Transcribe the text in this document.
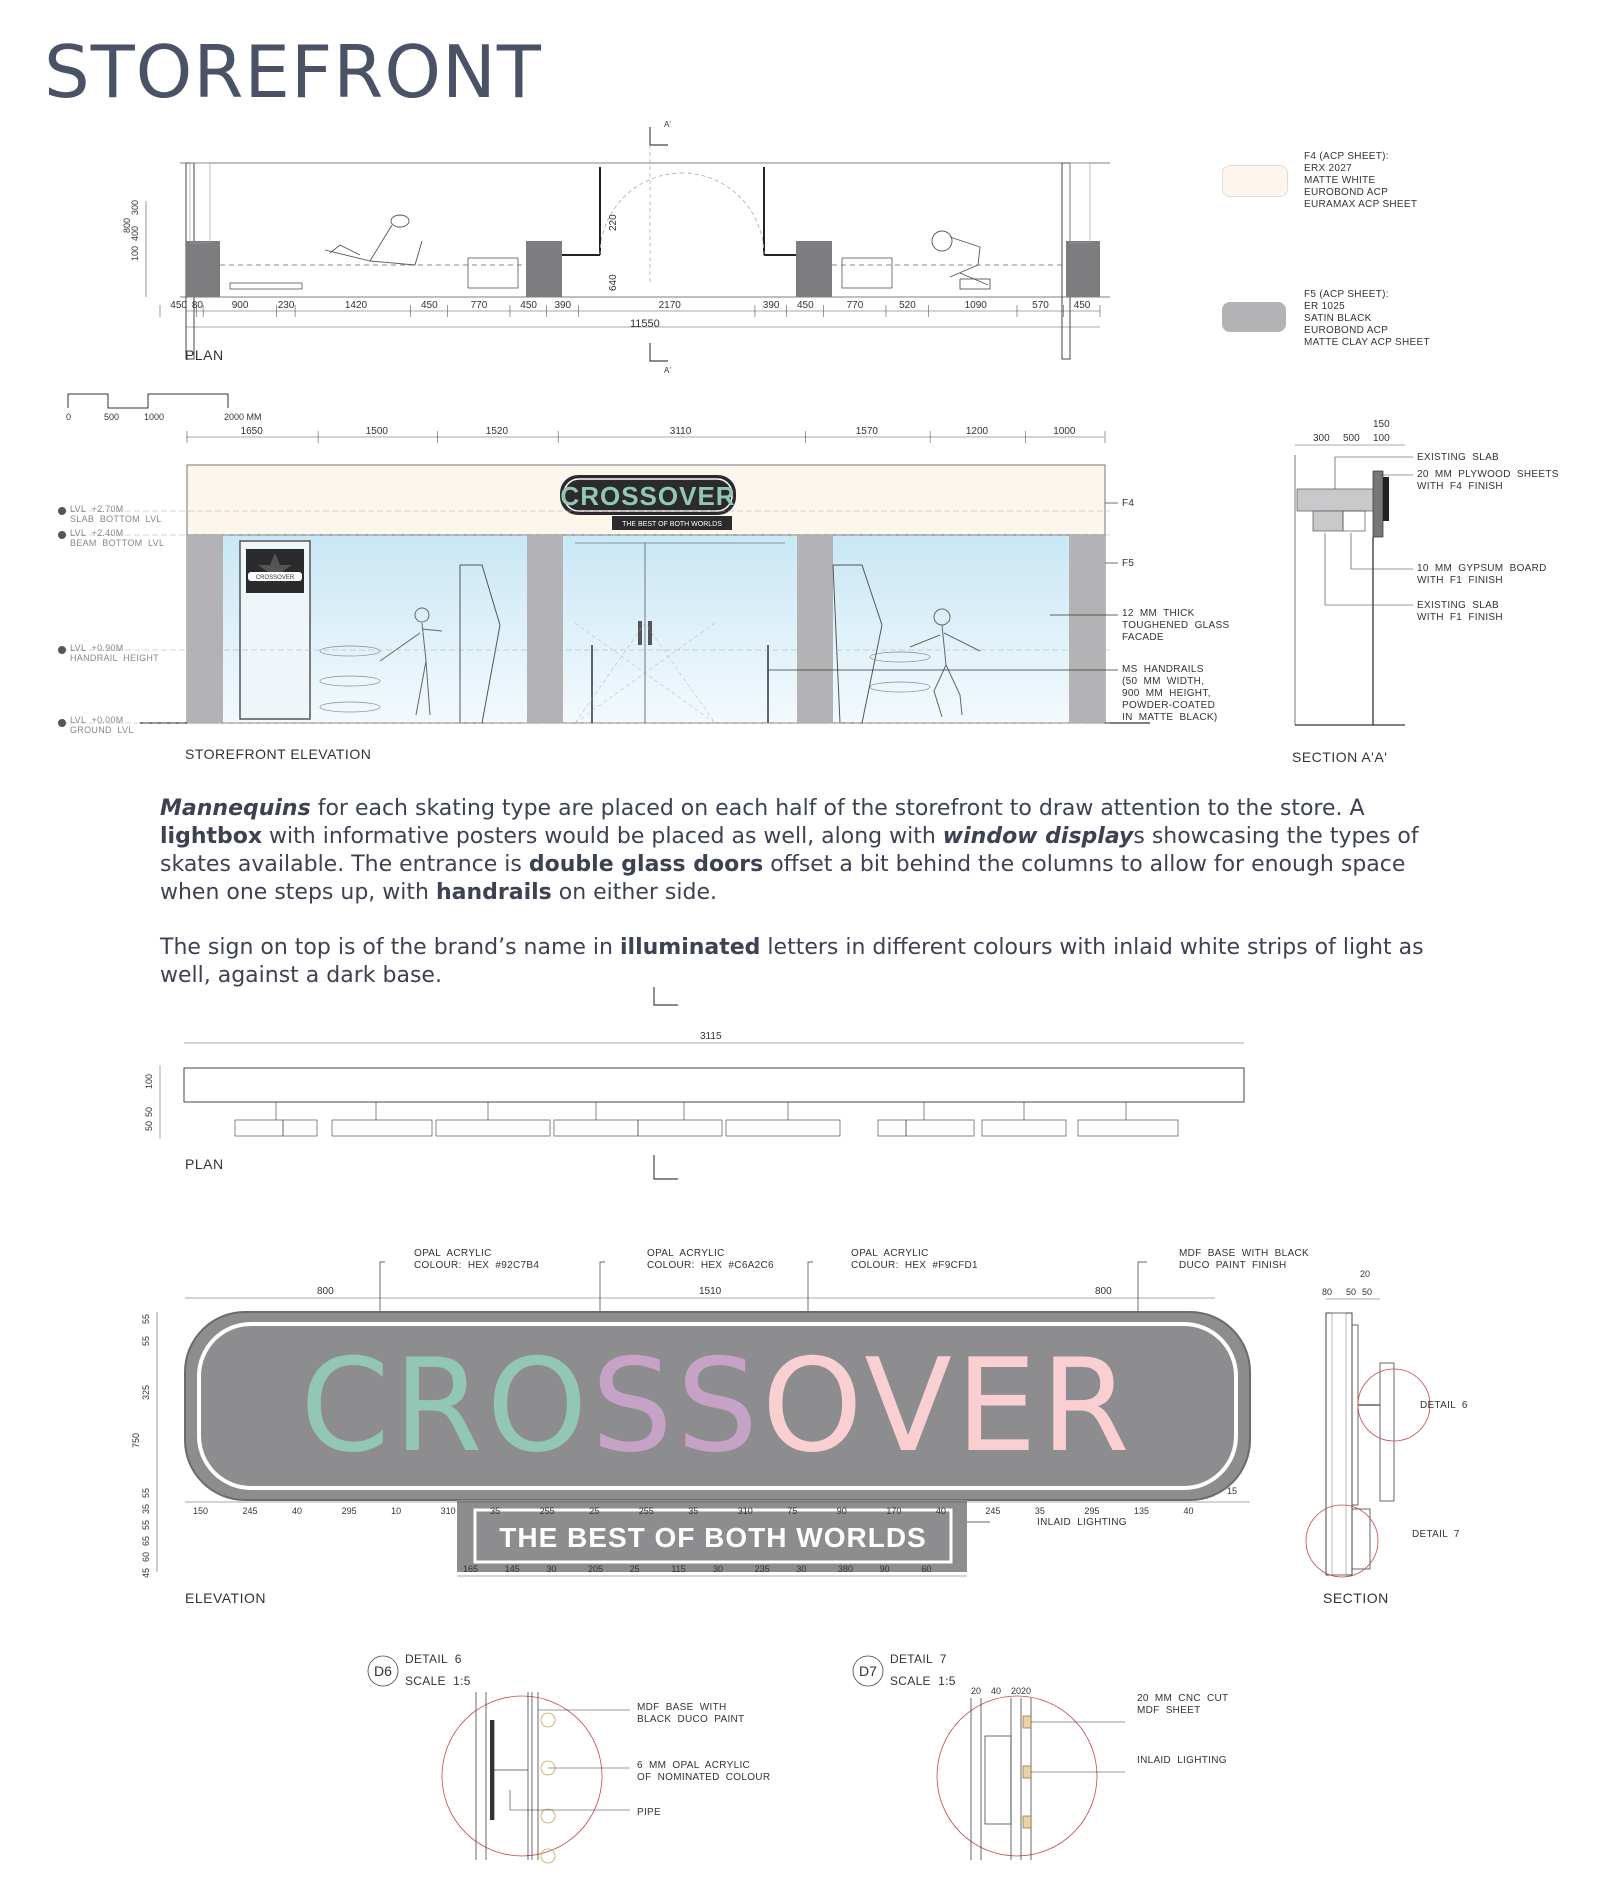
STOREFRONT
F4 (ACP SHEET):
ERX 2027
MATTE WHITE
EUROBOND ACP
EURAMAX ACP SHEET
F5 (ACP SHEET):
ER 1025
SATIN BLACK
EUROBOND ACP
MATTE CLAY ACP SHEET
A'
300
400
100
800	220
640
450 80	900	230	1420	450	770	450 390	2170	390 450	770	520	1090	570 450
11550
A'
PLAN
0	500	1000	2000 MM
1650	1500	1520	3110	1570	1200	1000
CROSSOVER
CROSSOVER
THE BEST OF BOTH WORLDS
LVL  +2.70M
SLAB  BOTTOM  LVL
LVL  +2.40M
BEAM  BOTTOM  LVL
LVL  +0.90M
HANDRAIL  HEIGHT
LVL  +0.00M
GROUND  LVL
F4
F5
12  MM  THICK
TOUGHENED  GLASS
FACADE
MS  HANDRAILS
(50  MM  WIDTH,
900  MM  HEIGHT,
POWDER-COATED
IN  MATTE  BLACK)
STOREFRONT ELEVATION
300 500
150
100
EXISTING  SLAB
20  MM  PLYWOOD  SHEETS
WITH  F4  FINISH
10  MM  GYPSUM  BOARD
WITH  F1  FINISH
EXISTING  SLAB
WITH  F1  FINISH
SECTION A'A'
Mannequins for each skating type are placed on each half of the storefront to draw attention to the store. A lightbox with informative posters would be placed as well, along with window displays showcasing the types of skates available. The entrance is double glass doors offset a bit behind the columns to allow for enough space when one steps up, with handrails on either side.
The sign on top is of the brand’s name in illuminated letters in different colours with inlaid white strips of light as well, against a dark base.
3115
100
50
50
PLAN
OPAL  ACRYLIC
COLOUR:  HEX  #92C7B4
OPAL  ACRYLIC
COLOUR:  HEX  #C6A2C6
OPAL  ACRYLIC
COLOUR:  HEX  #F9CFD1
MDF  BASE  WITH  BLACK
DUCO  PAINT  FINISH
800	1510	800
CROSSOVER
THE BEST OF BOTH WORLDS
55
55
325
55
35
55
65
60
45
750
150	245	40	295	10	310	35	255	25	255	35	310	75	90	170	40	245	35	295	135	40
15
165	145	30	205	25	115	30	235	30	380	90	60
INLAID  LIGHTING
ELEVATION
80
20
50 50
DETAIL  6
DETAIL  7
SECTION
D6
DETAIL  6
SCALE  1:5
MDF  BASE  WITH
BLACK  DUCO  PAINT
6  MM  OPAL  ACRYLIC
OF  NOMINATED  COLOUR
PIPE
D7
DETAIL  7
SCALE  1:5
20 40 20 20
20  MM  CNC  CUT
MDF  SHEET
INLAID  LIGHTING
